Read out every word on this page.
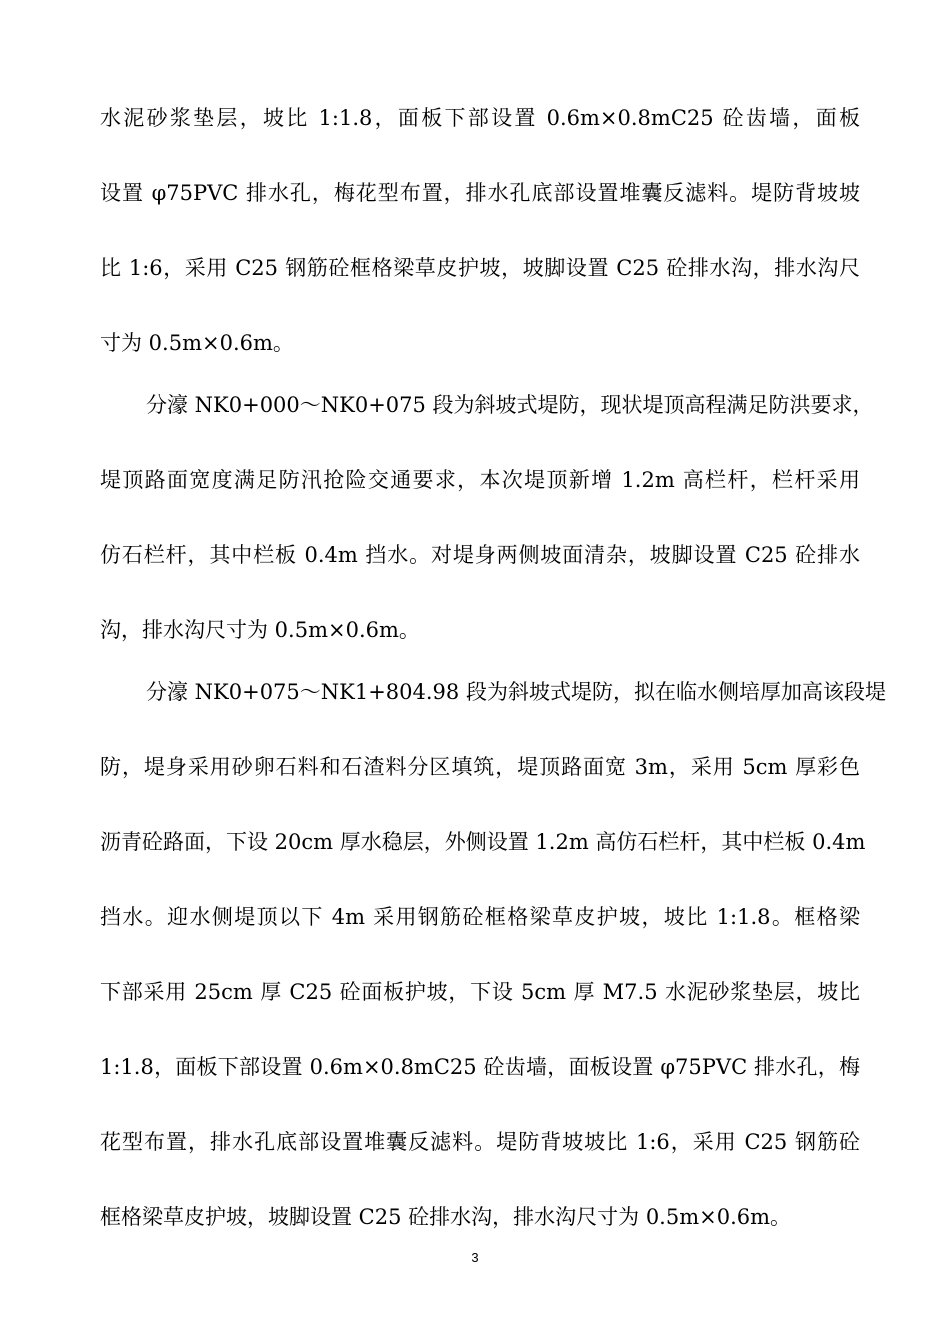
水泥砂浆垫层，坡比 1:1.8，面板下部设置 0.6m×0.8mC25 砼齿墙，面板
设置 φ75PVC 排水孔，梅花型布置，排水孔底部设置堆囊反滤料。堤防背坡坡
比 1:6，采用 C25 钢筋砼框格梁草皮护坡，坡脚设置 C25 砼排水沟，排水沟尺
寸为 0.5m×0.6m。
分濠 NK0+000～NK0+075 段为斜坡式堤防，现状堤顶高程满足防洪要求，
堤顶路面宽度满足防汛抢险交通要求，本次堤顶新增 1.2m 高栏杆，栏杆采用
仿石栏杆，其中栏板 0.4m 挡水。对堤身两侧坡面清杂，坡脚设置 C25 砼排水
沟，排水沟尺寸为 0.5m×0.6m。
分濠 NK0+075～NK1+804.98 段为斜坡式堤防，拟在临水侧培厚加高该段堤
防，堤身采用砂卵石料和石渣料分区填筑，堤顶路面宽 3m，采用 5cm 厚彩色
沥青砼路面，下设 20cm 厚水稳层，外侧设置 1.2m 高仿石栏杆，其中栏板 0.4m
挡水。迎水侧堤顶以下 4m 采用钢筋砼框格梁草皮护坡，坡比 1:1.8。框格梁
下部采用 25cm 厚 C25 砼面板护坡，下设 5cm 厚 M7.5 水泥砂浆垫层，坡比
1:1.8，面板下部设置 0.6m×0.8mC25 砼齿墙，面板设置 φ75PVC 排水孔，梅
花型布置，排水孔底部设置堆囊反滤料。堤防背坡坡比 1:6，采用 C25 钢筋砼
框格梁草皮护坡，坡脚设置 C25 砼排水沟，排水沟尺寸为 0.5m×0.6m。
3
